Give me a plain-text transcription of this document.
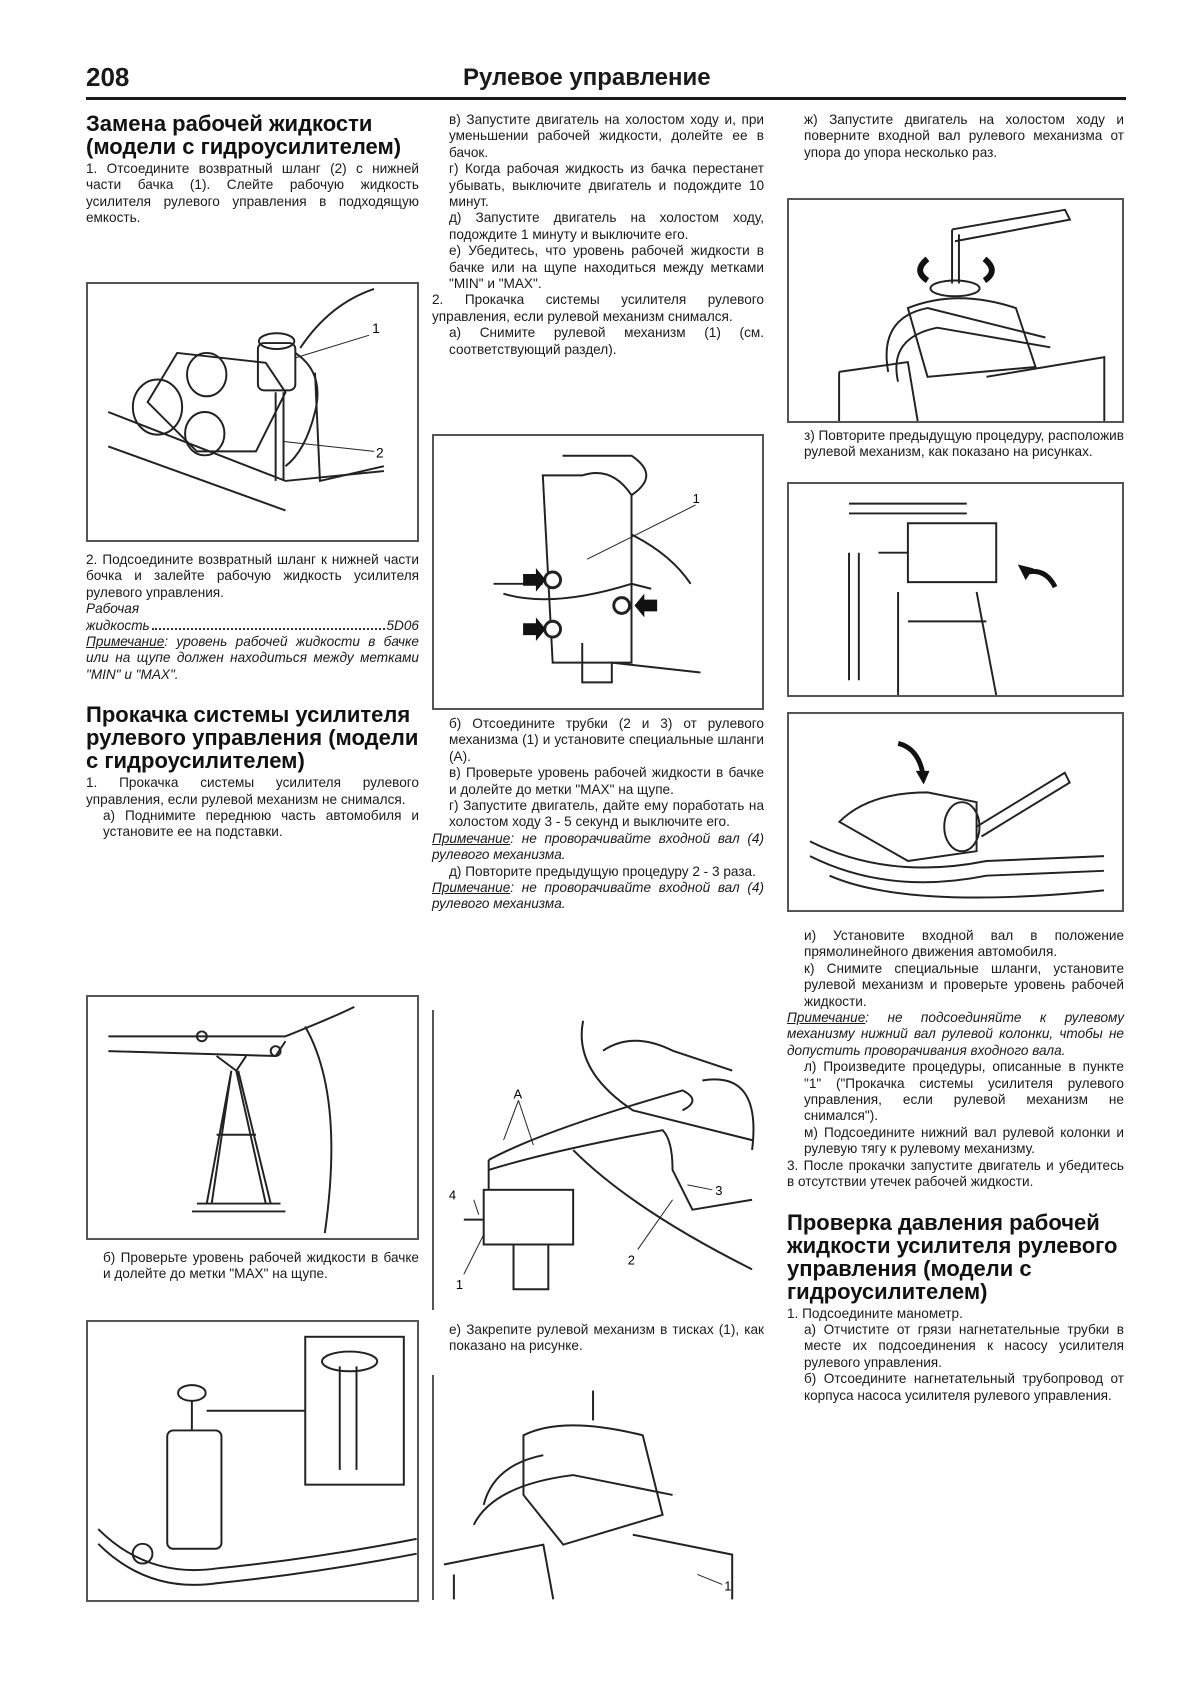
208	Рулевое управление
Замена рабочей жидкости (модели с гидроусилителем)

1. Отсоедините возвратный шланг (2) с нижней части бачка (1). Слейте рабочую жидкость усилителя рулевого управления в подходящую емкость.

1
2

2. Подсоедините возвратный шланг к нижней части бочка и залейте рабочую жидкость усилителя рулевого управления.

Рабочая
жидкость	5D06

Примечание: уровень рабочей жидкости в бачке или на щупе должен находиться между метками "MIN" и "MAX".

Прокачка системы усилителя рулевого управления (модели с гидроусилителем)

1. Прокачка системы усилителя рулевого управления, если рулевой механизм не снимался.

а) Поднимите переднюю часть автомобиля и установите ее на подставки.

б) Проверьте уровень рабочей жидкости в бачке и долейте до метки "MAX" на щупе.

в) Запустите двигатель на холостом ходу и, при уменьшении рабочей жидкости, долейте ее в бачок.

г) Когда рабочая жидкость из бачка перестанет убывать, выключите двигатель и подождите 10 минут.

д) Запустите двигатель на холостом ходу, подождите 1 минуту и выключите его.

е) Убедитесь, что уровень рабочей жидкости в бачке или на щупе находиться между метками "MIN" и "MAX".

2. Прокачка системы усилителя рулевого управления, если рулевой механизм снимался.

а) Снимите рулевой механизм (1) (см. соответствующий раздел).

1

б) Отсоедините трубки (2 и 3) от рулевого механизма (1) и установите специальные шланги (А).

в) Проверьте уровень рабочей жидкости в бачке и долейте до метки "MAX" на щупе.

г) Запустите двигатель, дайте ему поработать на холостом ходу 3 - 5 секунд и выключите его.

Примечание: не проворачивайте входной вал (4) рулевого механизма.

д) Повторите предыдущую процедуру 2 - 3 раза.

Примечание: не проворачивайте входной вал (4) рулевого механизма.

A
4	3
2
1

е) Закрепите рулевой механизм в тисках (1), как показано на рисунке.

1

ж) Запустите двигатель на холостом ходу и поверните входной вал рулевого механизма от упора до упора несколько раз.

з) Повторите предыдущую процедуру, расположив рулевой механизм, как показано на рисунках.

и) Установите входной вал в положение прямолинейного движения автомобиля.

к) Снимите специальные шланги, установите рулевой механизм и проверьте уровень рабочей жидкости.

Примечание: не подсоединяйте к рулевому механизму нижний вал рулевой колонки, чтобы не допустить проворачивания входного вала.

л) Произведите процедуры, описанные в пункте "1" ("Прокачка системы усилителя рулевого управления, если рулевой механизм не снимался").

м) Подсоедините нижний вал рулевой колонки и рулевую тягу к рулевому механизму.

3. После прокачки запустите двигатель и убедитесь в отсутствии утечек рабочей жидкости.

Проверка давления рабочей жидкости усилителя рулевого управления (модели с гидроусилителем)

1. Подсоедините манометр.

а) Отчистите от грязи нагнетательные трубки в месте их подсоединения к насосу усилителя рулевого управления.

б) Отсоедините нагнетательный трубопровод от корпуса насоса усилителя рулевого управления.
